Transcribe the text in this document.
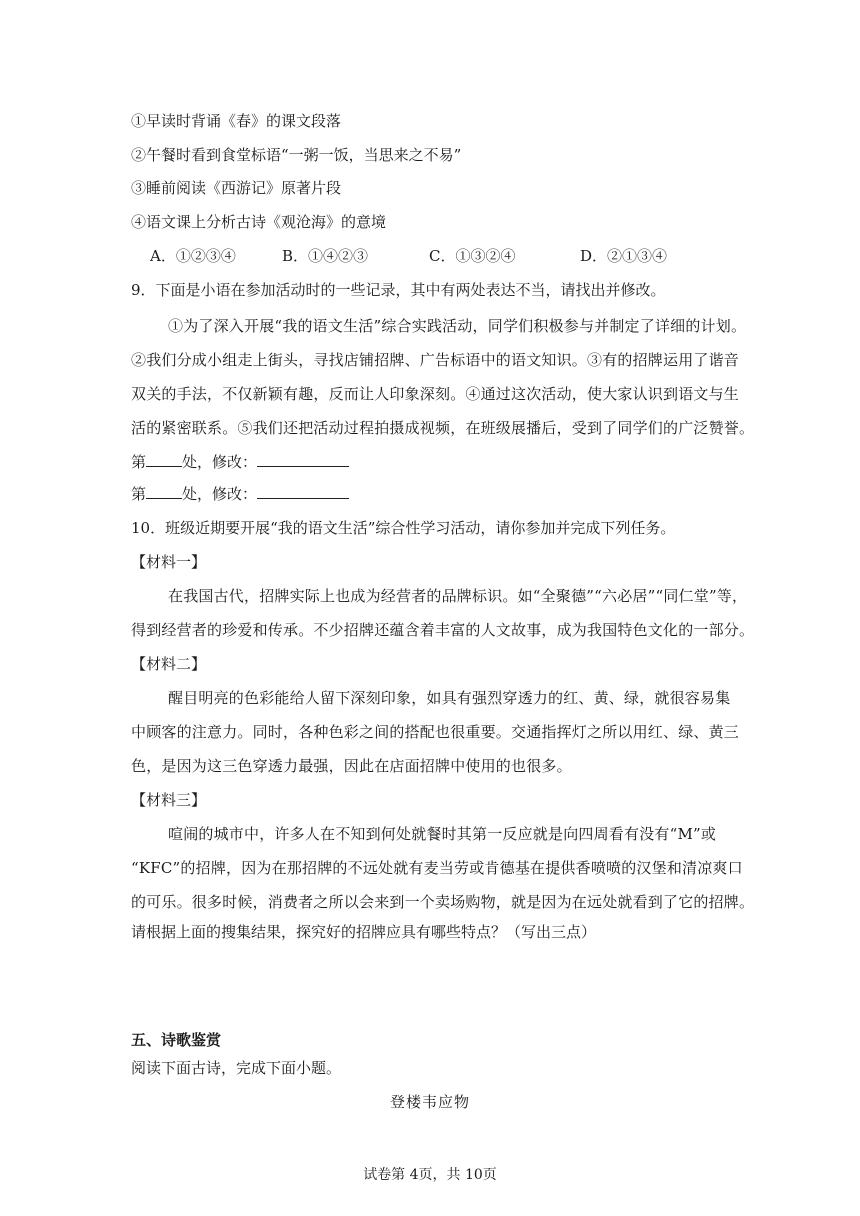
①早读时背诵《春》的课文段落
②午餐时看到食堂标语“一粥一饭，当思来之不易”
③睡前阅读《西游记》原著片段
④语文课上分析古诗《观沧海》的意境
A．①②③④	B．①④②③	C．①③②④	D．②①③④
9．下面是小语在参加活动时的一些记录，其中有两处表达不当，请找出并修改。
①为了深入开展“我的语文生活”综合实践活动，同学们积极参与并制定了详细的计划。
②我们分成小组走上街头，寻找店铺招牌、广告标语中的语文知识。③有的招牌运用了谐音
双关的手法，不仅新颖有趣，反而让人印象深刻。④通过这次活动，使大家认识到语文与生
活的紧密联系。⑤我们还把活动过程拍摄成视频，在班级展播后，受到了同学们的广泛赞誉。
第 处，修改：
第 处，修改：
10．班级近期要开展“我的语文生活”综合性学习活动，请你参加并完成下列任务。
【材料一】
在我国古代，招牌实际上也成为经营者的品牌标识。如“全聚德”“六必居”“同仁堂”等，
得到经营者的珍爱和传承。不少招牌还蕴含着丰富的人文故事，成为我国特色文化的一部分。
【材料二】
醒目明亮的色彩能给人留下深刻印象，如具有强烈穿透力的红、黄、绿，就很容易集
中顾客的注意力。同时，各种色彩之间的搭配也很重要。交通指挥灯之所以用红、绿、黄三
色，是因为这三色穿透力最强，因此在店面招牌中使用的也很多。
【材料三】
喧闹的城市中，许多人在不知到何处就餐时其第一反应就是向四周看有没有“M”或
“KFC”的招牌，因为在那招牌的不远处就有麦当劳或肯德基在提供香喷喷的汉堡和清凉爽口
的可乐。很多时候，消费者之所以会来到一个卖场购物，就是因为在远处就看到了它的招牌。
请根据上面的搜集结果，探究好的招牌应具有哪些特点？（写出三点）
五、诗歌鉴赏
阅读下面古诗，完成下面小题。
登楼韦应物
试卷第 4页，共 10页
